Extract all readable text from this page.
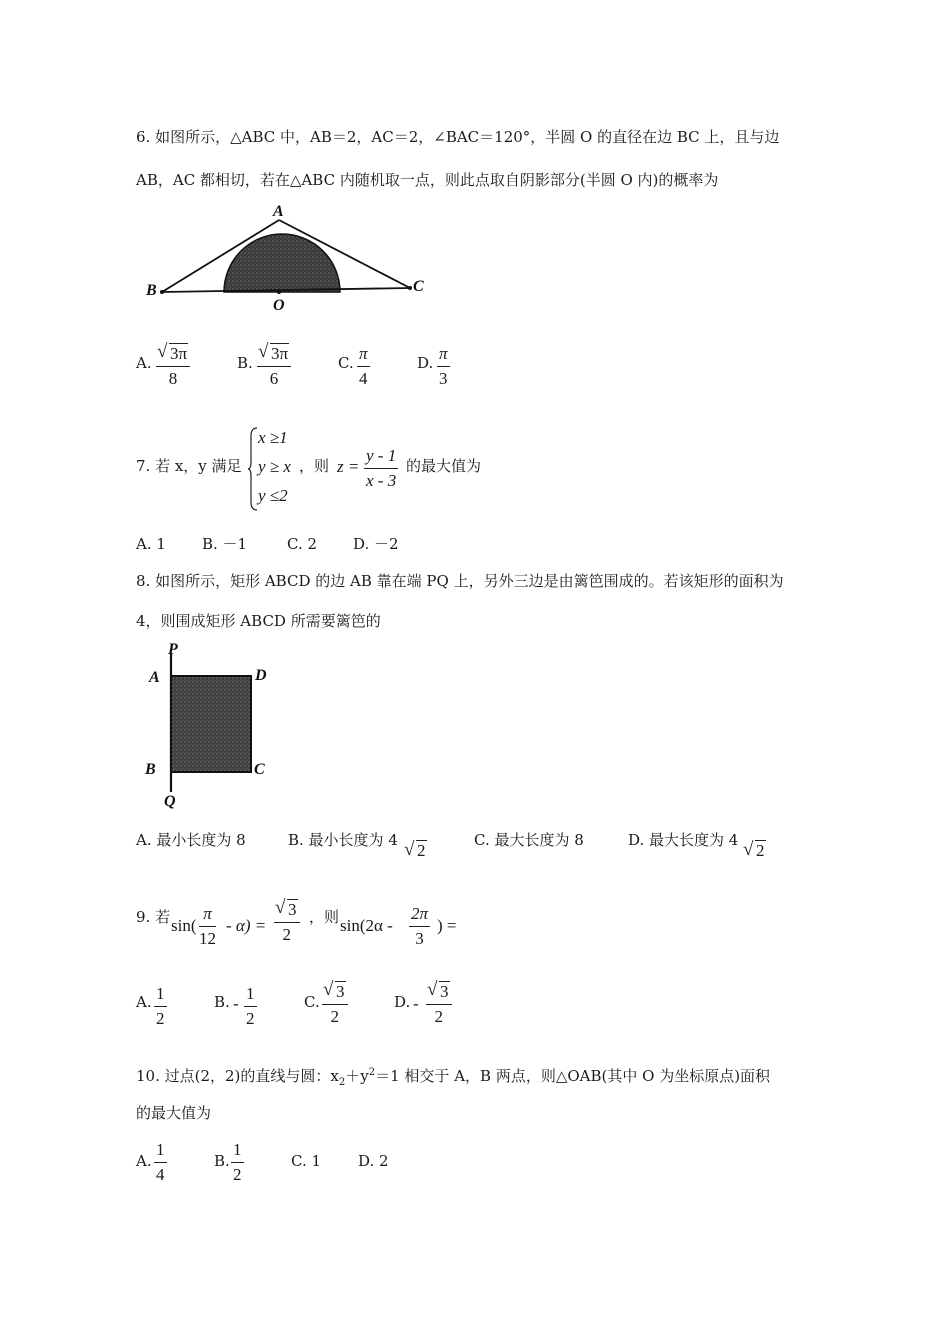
6. 如图所示，△ABC 中，AB＝2，AC＝2，∠BAC＝120°，半圆 O 的直径在边 BC 上，且与边
AB，AC 都相切，若在△ABC 内随机取一点，则此点取自阴影部分(半圆 O 内)的概率为
A
B	C
O
A. √ $\frac{3\pi}{8}$	B. √ $\frac{3\pi}{6}$	C. $\frac{\pi}{4}$	D. $\frac{\pi}{3}$
7. 若 x，y 满足
x ≥1
y ≥ x
y ≤2
，则 $z = \frac{y - 1}{x - 3}$ 的最大值为
A. 1 B. －1	C. 2 D. －2
8. 如图所示，矩形 ABCD 的边 AB 靠在端 PQ 上，另外三边是由篱笆围成的。若该矩形的面积为
4，则围成矩形 ABCD 所需要篱笆的
P
A	D
B	C
Q
A. 最小长度为 8	B. 最小长度为 4
√ 2
C. 最大长度为 8	D. 最大长度为 4
√ 2
9. 若 $\sin( \frac{\pi}{12} - \alpha)$ = √ $\frac{3}{2}$ ，则 $\sin(2\alpha - \frac{2\pi}{3}$ ) =
A. $\frac{1}{2}$	B. - $\frac{1}{2}$	C. √ $\frac{3}{2}$	D. - √ $\frac{3}{2}$
10. 过点(2，2)的直线与圆：$x_2+y^2=1$ 相交于 A，B 两点，则△OAB(其中 O 为坐标原点)面积
的最大值为
A. $\frac{1}{4}$	B. $\frac{1}{2}$	C. 1 D. 2
